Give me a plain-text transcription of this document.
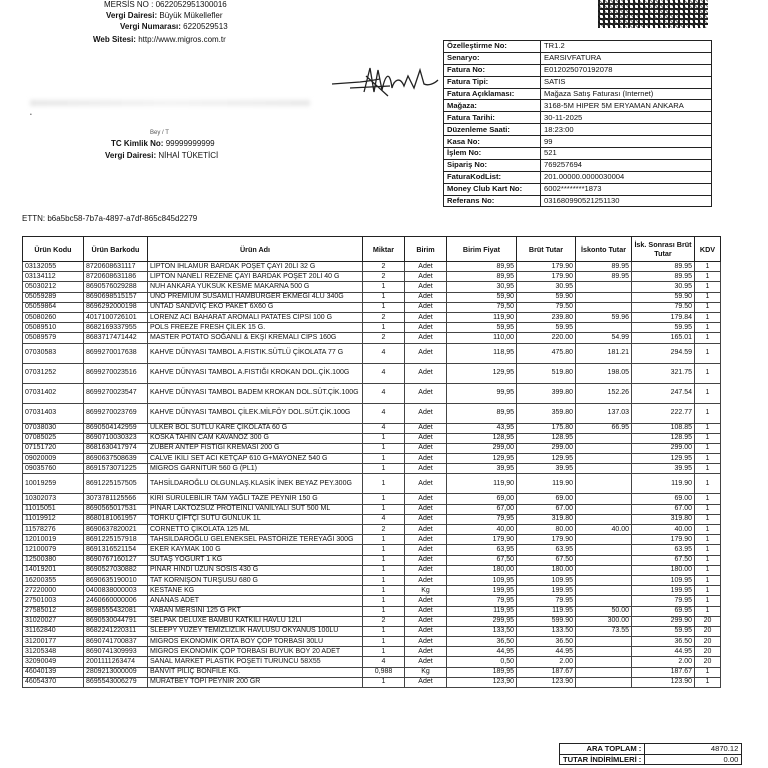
MERSİS NO : 0622052951300016
Vergi Dairesi: Büyük Mükellefler
Vergi Numarası: 6220529513
Web Sitesi: http://www.migros.com.tr
•
Bey / T
TC Kimlik No: 99999999999
Vergi Dairesi: NİHAİ TÜKETİCİ
ETTN: b6a5bc58-7b7a-4897-a7df-865c845d2279
Özelleştirme No:	TR1.2
Senaryo:	EARSIVFATURA
Fatura No:	E012025070192078
Fatura Tipi:	SATIS
Fatura Açıklaması:	Mağaza Satış Faturası (Internet)
Mağaza:	3168-5M HIPER 5M ERYAMAN ANKARA
Fatura Tarihi:	30-11-2025
Düzenleme Saati:	18:23:00
Kasa No:	99
İşlem No:	521
Sipariş No:	769257694
FaturaKodList:	201.00000.0000030004
Money Club Kart No:	6002********1873
Referans No:	031680990521251130
Ürün Kodu	Ürün Barkodu	Ürün Adı	Miktar	Birim	Birim Fiyat	Brüt Tutar	İskonto Tutar	İsk. Sonrası Brüt Tutar	KDV
03132055	8720608631117	LİPTON IHLAMUR BARDAK POŞET ÇAYI 20Lİ 32 G	2	Adet	89,95	179.90	89.95	89.95	1
03134112	8720608631186	LİPTON NANELİ REZENE ÇAYI BARDAK POŞET 20Lİ 40 G	2	Adet	89,95	179.90	89.95	89.95	1
05030212	8690576029288	NUH ANKARA YÜKSÜK KESME MAKARNA 500 G	1	Adet	30,95	30.95		30.95	1
05059289	8690698515157	UNO PREMIUM SUSAMLI HAMBURGER EKMEĞİ 4LÜ 340G	1	Adet	59,90	59.90		59.90	1
05059864	8696292000198	UNTAD SANDVİÇ EKO PAKET 6X60 G	1	Adet	79,50	79.50		79.50	1
05080260	4017100726101	LORENZ ACI BAHARAT AROMALI PATATES CİPSİ 100 G	2	Adet	119,90	239.80	59.96	179.84	1
05089510	8682169337955	POLS FREEZE FRESH ÇİLEK 15 G.	1	Adet	59,95	59.95		59.95	1
05089579	8683717471442	MASTER POTATO SOĞANLI & EKŞİ KREMALI CİPS 160G	2	Adet	110,00	220.00	54.99	165.01	1
07030583	8699270017638	KAHVE DÜNYASI TAMBOL A.FISTIK.SÜTLÜ ÇİKOLATA 77 G	4	Adet	118,95	475.80	181.21	294.59	1
07031252	8699270023516	KAHVE DÜNYASI TAMBOL A.FISTIĞI KROKAN DOL.ÇİK.100G	4	Adet	129,95	519.80	198.05	321.75	1
07031402	8699270023547	KAHVE DÜNYASI TAMBOL BADEM KROKAN DOL.SÜT.ÇİK.100G	4	Adet	99,95	399.80	152.26	247.54	1
07031403	8699270023769	KAHVE DÜNYASI TAMBOL ÇİLEK.MİLFÖY DOL.SÜT.ÇİK.100G	4	Adet	89,95	359.80	137.03	222.77	1
07038030	8690504142959	ÜLKER BOL SÜTLÜ KARE ÇİKOLATA 60 G	4	Adet	43,95	175.80	66.95	108.85	1
07085025	8690710030323	KOSKA TAHİN CAM KAVANOZ 300 G	1	Adet	128,95	128.95		128.95	1
07151720	8681630417974	ZÜBER ANTEP FISTIĞI KREMASI 200 G	1	Adet	299,00	299.00		299.00	1
09020009	8690637508639	CALVE İKİLİ SET ACI KETÇAP 610 G+MAYONEZ 540 G	1	Adet	129,95	129.95		129.95	1
09035760	8691573071225	MİGROS GARNİTÜR 560 G (PL1)	1	Adet	39,95	39.95		39.95	1
10019259	8691225157505	TAHSİLDAROĞLU OLGUNLAŞ.KLASİK İNEK BEYAZ PEY.300G	1	Adet	119,90	119.90		119.90	1
10302073	3073781125566	KİRİ SÜRÜLEBİLİR TAM YAĞLI TAZE PEYNİR 150 G	1	Adet	69,00	69.00		69.00	1
11015051	8690565017531	PINAR LAKTOZSUZ PROTEİNLİ VANİLYALI SÜT 500 ML	1	Adet	67,00	67.00		67.00	1
11019912	8680181061957	TORKU ÇİFTÇİ SÜTÜ GÜNLÜK 1L	4	Adet	79,95	319.80		319.80	1
11578276	8690637820021	CORNETTO ÇİKOLATA 125 ML	2	Adet	40,00	80.00	40.00	40.00	1
12010019	8691225157918	TAHSİLDAROĞLU GELENEKSEL PASTÖRİZE TEREYAĞI 300G	1	Adet	179,90	179.90		179.90	1
12100079	8691316521154	EKER KAYMAK 100 G	1	Adet	63,95	63.95		63.95	1
12500380	8690767160127	SÜTAŞ YOĞURT 1 KG	1	Adet	67,50	67.50		67.50	1
14019201	8690527030882	PINAR HİNDİ UZUN SOSİS 430 G	1	Adet	180,00	180.00		180.00	1
16200355	8690635190010	TAT KORNİŞON TURŞUSU 680 G	1	Adet	109,95	109.95		109.95	1
27220000	0400838000003	KESTANE KG	1	Kg	199,95	199.95		199.95	1
27501003	2460660000006	ANANAS ADET	1	Adet	79,95	79.95		79.95	1
27585012	8698555432081	YABAN MERSİNİ 125 G PKT	1	Adet	119,95	119.95	50.00	69.95	1
31020027	8690530044791	SELPAK DELUXE BAMBU KATKILI HAVLU 12Lİ	2	Adet	299,95	599.90	300.00	299.90	20
31162840	8682241220311	SLEEPY YÜZEY TEMİZLİZLİK HAVLUSU OKYANUS 100LÜ	1	Adet	133,50	133.50	73.55	59.95	20
31200177	8690741700837	MİGROS EKONOMİK ORTA BOY ÇÖP TORBASI 30LU	1	Adet	36,50	36.50		36.50	20
31205348	8690741309993	MİGROS EKONOMİK ÇÖP TORBASI BÜYÜK BOY 20 ADET	1	Adet	44,95	44.95		44.95	20
32090049	2001111263474	SANAL MARKET PLASTİK POŞETİ TURUNCU 58X55	4	Adet	0,50	2.00		2.00	20
46040139	2809213000009	BANVİT PİLİÇ BONFİLE KG.	0,988	Kg	189,95	187.67		187.67	1
46054370	8695543006279	MURATBEY TOPİ PEYNİR 200 GR	1	Adet	123,90	123.90		123.90	1
ARA TOPLAM :	4870.12
TUTAR İNDİRİMLERİ :	0.00
